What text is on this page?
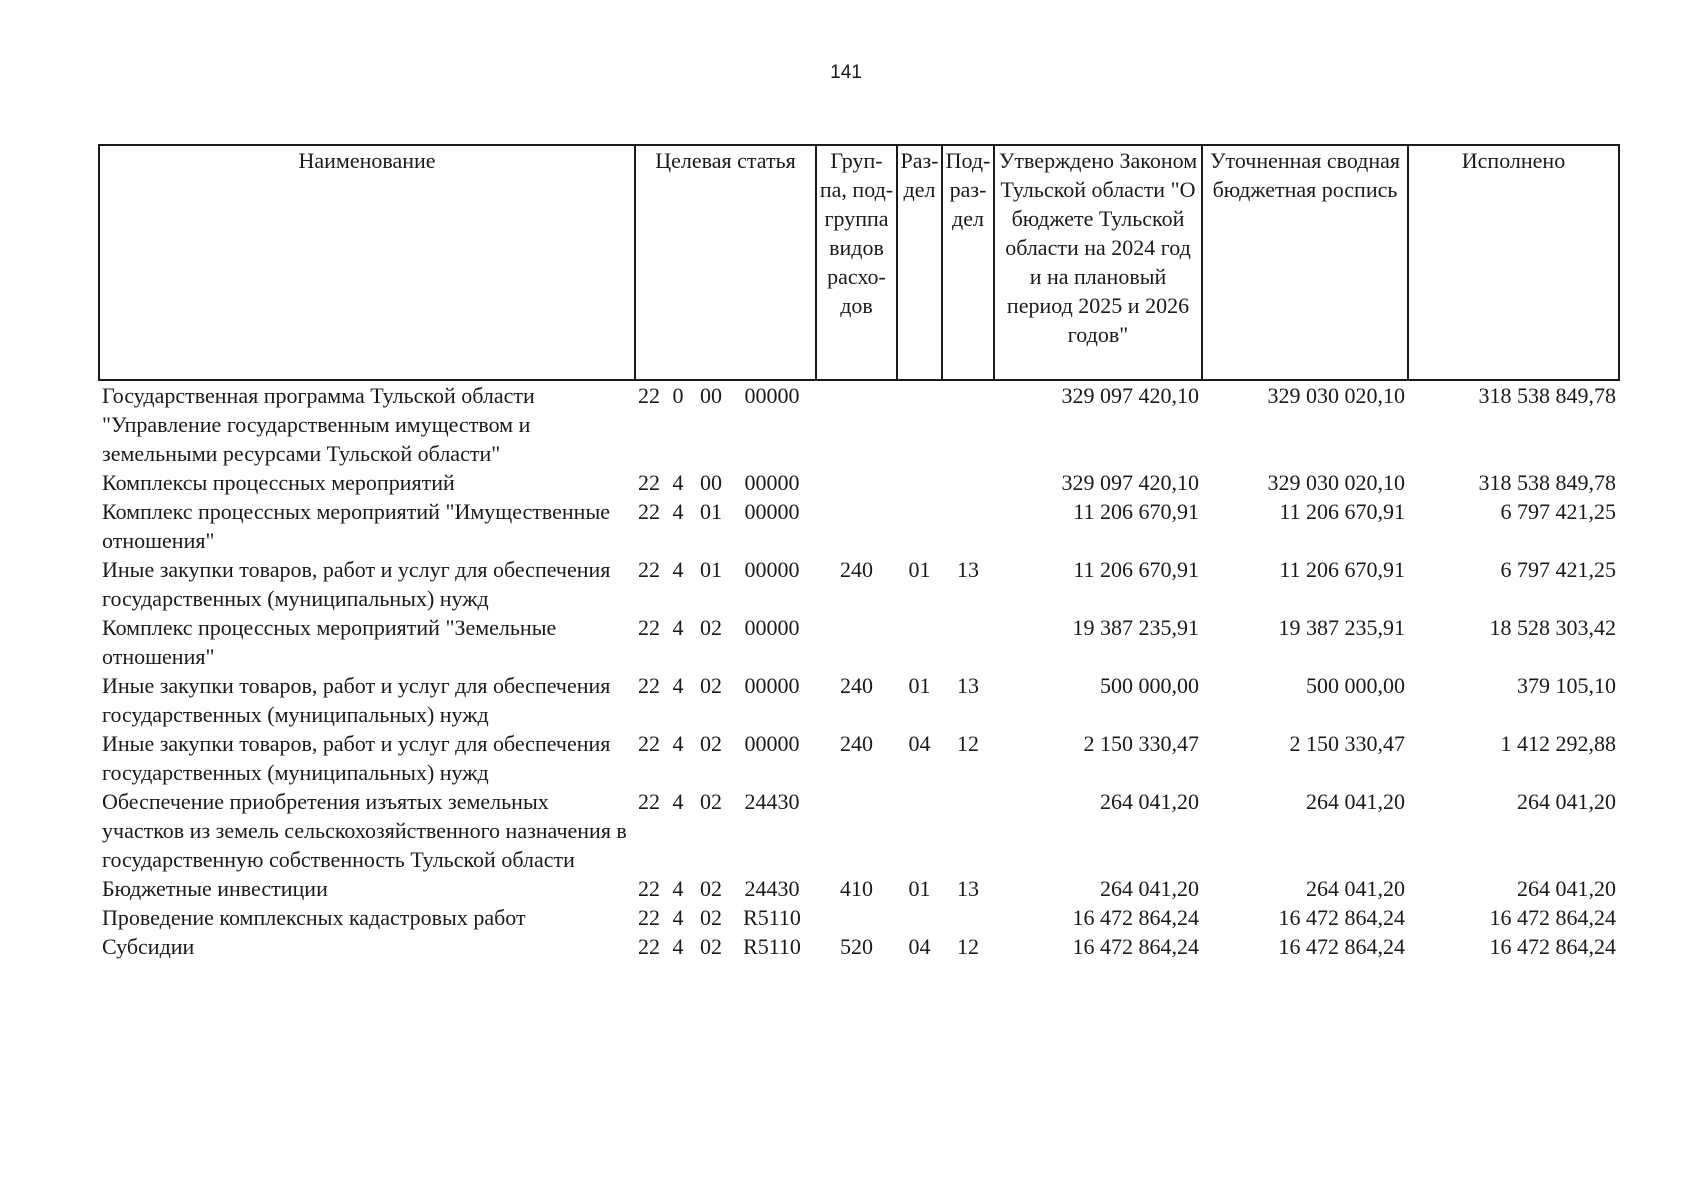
141
Наименование	Целевая статья	Груп-па, под-группа видов расхо-дов	Раз-дел	Под-раз-дел	Утверждено Законом Тульской области "О бюджете Тульской области на 2024 год и на плановый период 2025 и 2026 годов"	Уточненная сводная бюджетная роспись	Исполнено
Государственная программа Тульской области "Управление государственным имуществом и земельными ресурсами Тульской области"	22 0 00 00000				329 097 420,10	329 030 020,10	318 538 849,78
Комплексы процессных мероприятий	22 4 00 00000				329 097 420,10	329 030 020,10	318 538 849,78
Комплекс процессных мероприятий "Имущественные отношения"	22 4 01 00000				11 206 670,91	11 206 670,91	6 797 421,25
Иные закупки товаров, работ и услуг для обеспечения государственных (муниципальных) нужд	22 4 01 00000	240	01	13	11 206 670,91	11 206 670,91	6 797 421,25
Комплекс процессных мероприятий "Земельные отношения"	22 4 02 00000				19 387 235,91	19 387 235,91	18 528 303,42
Иные закупки товаров, работ и услуг для обеспечения государственных (муниципальных) нужд	22 4 02 00000	240	01	13	500 000,00	500 000,00	379 105,10
Иные закупки товаров, работ и услуг для обеспечения государственных (муниципальных) нужд	22 4 02 00000	240	04	12	2 150 330,47	2 150 330,47	1 412 292,88
Обеспечение приобретения изъятых земельных участков из земель сельскохозяйственного назначения в государственную собственность Тульской области	22 4 02 24430				264 041,20	264 041,20	264 041,20
Бюджетные инвестиции	22 4 02 24430	410	01	13	264 041,20	264 041,20	264 041,20
Проведение комплексных кадастровых работ	22 4 02 R5110				16 472 864,24	16 472 864,24	16 472 864,24
Субсидии	22 4 02 R5110	520	04	12	16 472 864,24	16 472 864,24	16 472 864,24
